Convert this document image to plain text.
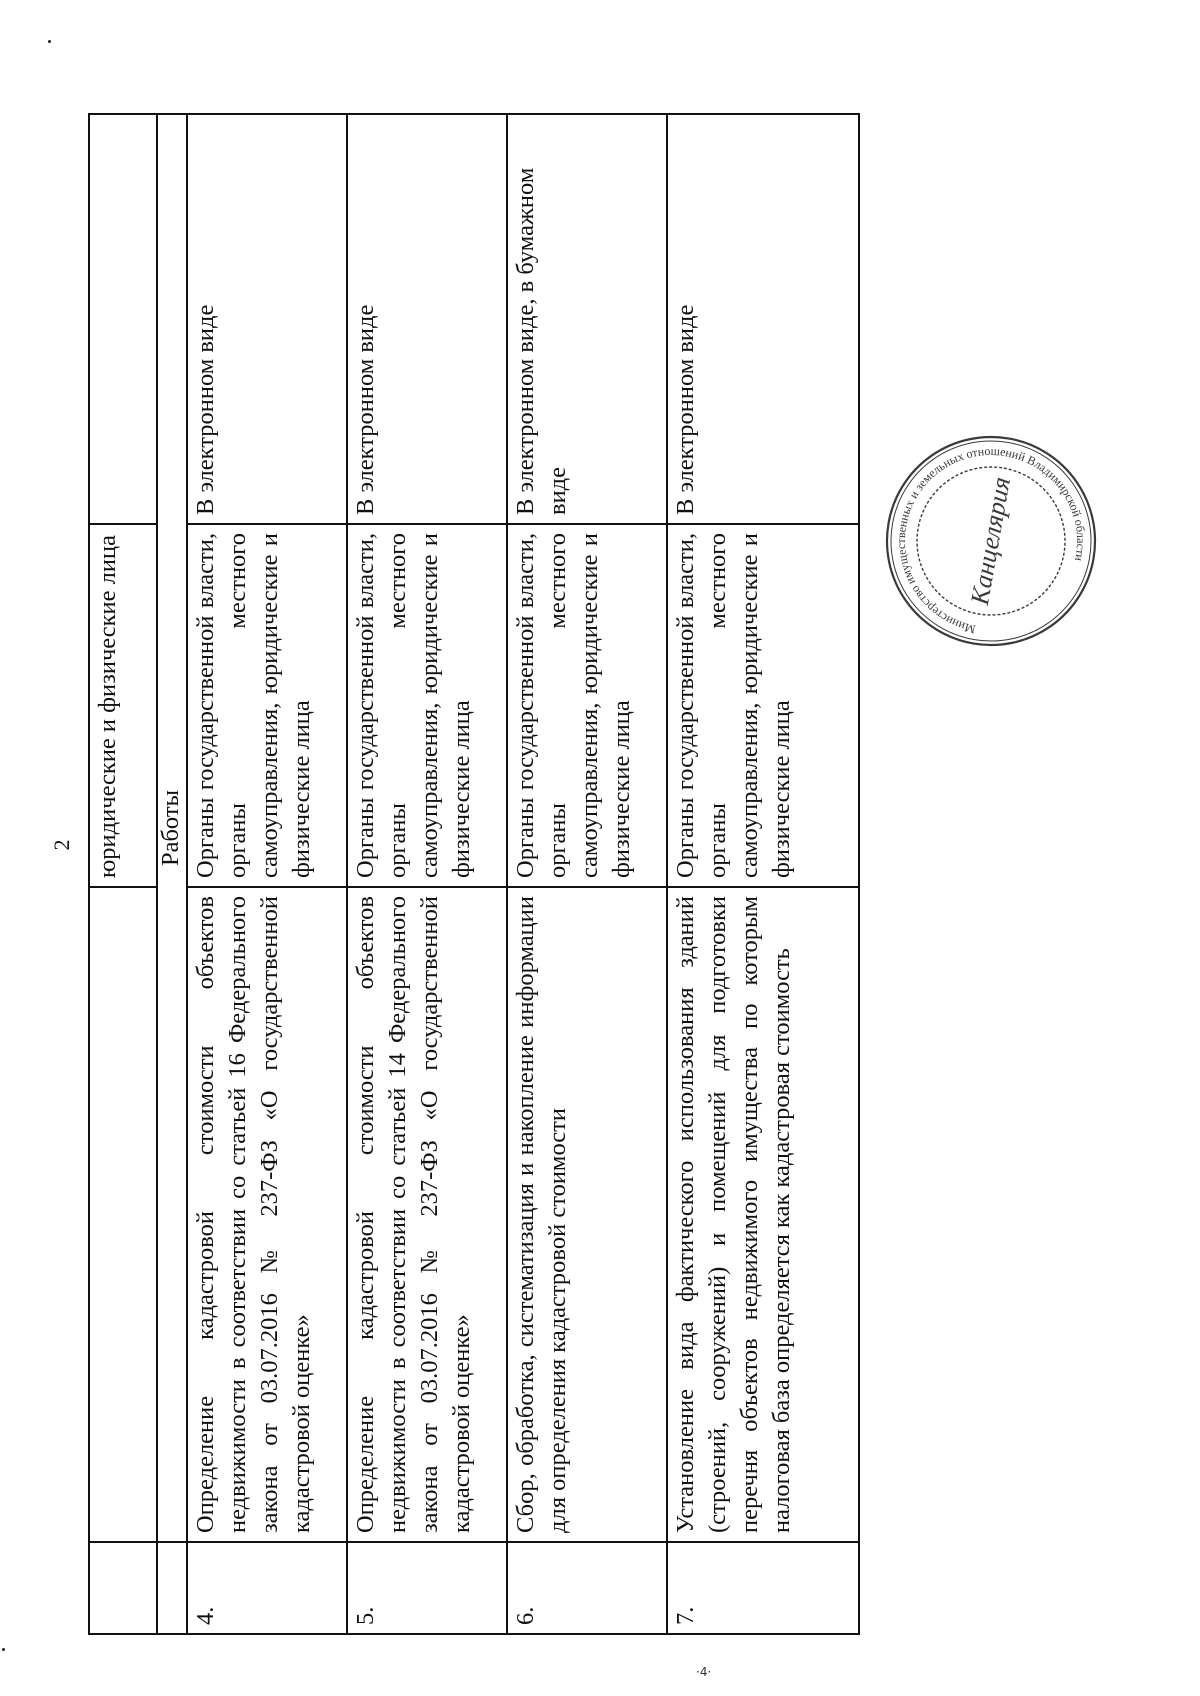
2
		юридические и физические лица	
	Работы		
4.	Определение кадастровой стоимости объектов недвижимости в соответствии со статьей 16 Федерального закона от 03.07.2016 № 237-ФЗ «О государственной кадастровой оценке»	Органы государственной власти, органы местного самоуправления, юридические и физические лица	В электронном виде
5.	Определение кадастровой стоимости объектов недвижимости в соответствии со статьей 14 Федерального закона от 03.07.2016 № 237-ФЗ «О государственной кадастровой оценке»	Органы государственной власти, органы местного самоуправления, юридические и физические лица	В электронном виде
6.	Сбор, обработка, систематизация и накопление информации для определения кадастровой стоимости	Органы государственной власти, органы местного самоуправления, юридические и физические лица	В электронном виде, в бумажном виде
7.	Установление вида фактического использования зданий (строений, сооружений) и помещений для подготовки перечня объектов недвижимого имущества по которым налоговая база определяется как кадастровая стоимость	Органы государственной власти, органы местного самоуправления, юридические и физические лица	В электронном виде
Министерство имущественных и земельных отношений Владимирской области
Канцелярия
·4·
